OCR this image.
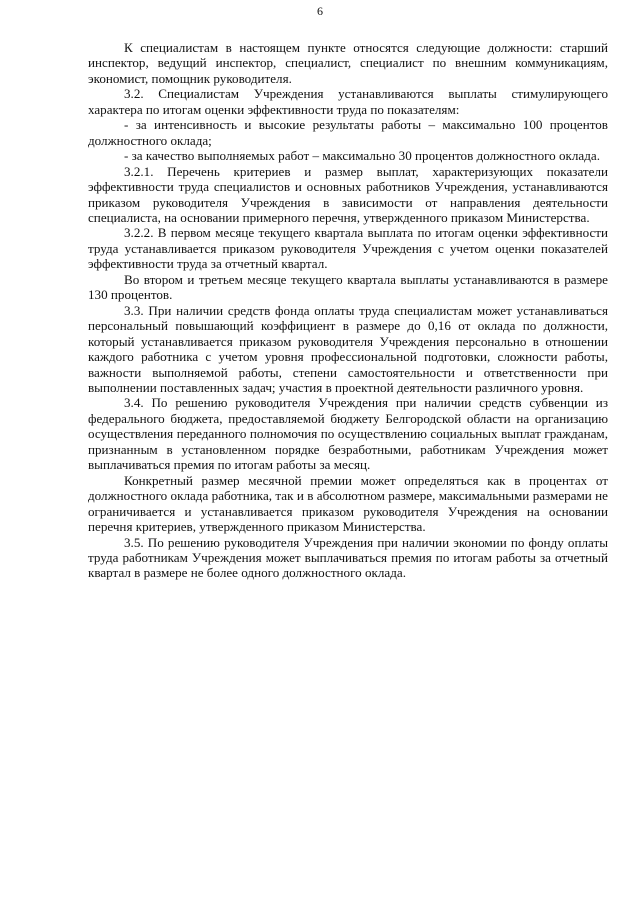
6

К специалистам в настоящем пункте относятся следующие должности: старший инспектор, ведущий инспектор, специалист, специалист по внешним коммуникациям, экономист, помощник руководителя.

3.2. Специалистам Учреждения устанавливаются выплаты стимулирующего характера по итогам оценки эффективности труда по показателям:

- за интенсивность и высокие результаты работы – максимально 100 процентов должностного оклада;

- за качество выполняемых работ – максимально 30 процентов должностного оклада.

3.2.1. Перечень критериев и размер выплат, характеризующих показатели эффективности труда специалистов и основных работников Учреждения, устанавливаются приказом руководителя Учреждения в зависимости от направления деятельности специалиста, на основании примерного перечня, утвержденного приказом Министерства.

3.2.2. В первом месяце текущего квартала выплата по итогам оценки эффективности труда устанавливается приказом руководителя Учреждения с учетом оценки показателей эффективности труда за отчетный квартал.

Во втором и третьем месяце текущего квартала выплаты устанавливаются в размере 130 процентов.

3.3. При наличии средств фонда оплаты труда специалистам может устанавливаться персональный повышающий коэффициент в размере до 0,16 от оклада по должности, который устанавливается приказом руководителя Учреждения персонально в отношении каждого работника с учетом уровня профессиональной подготовки, сложности работы, важности выполняемой работы, степени самостоятельности и ответственности при выполнении поставленных задач; участия в проектной деятельности различного уровня.

3.4. По решению руководителя Учреждения при наличии средств субвенции из федерального бюджета, предоставляемой бюджету Белгородской области на организацию осуществления переданного полномочия по осуществлению социальных выплат гражданам, признанным в установленном порядке безработными, работникам Учреждения может выплачиваться премия по итогам работы за месяц.

Конкретный размер месячной премии может определяться как в процентах от должностного оклада работника, так и в абсолютном размере, максимальными размерами не ограничивается и устанавливается приказом руководителя Учреждения на основании перечня критериев, утвержденного приказом Министерства.

3.5. По решению руководителя Учреждения при наличии экономии по фонду оплаты труда работникам Учреждения может выплачиваться премия по итогам работы за отчетный квартал в размере не более одного должностного оклада.
